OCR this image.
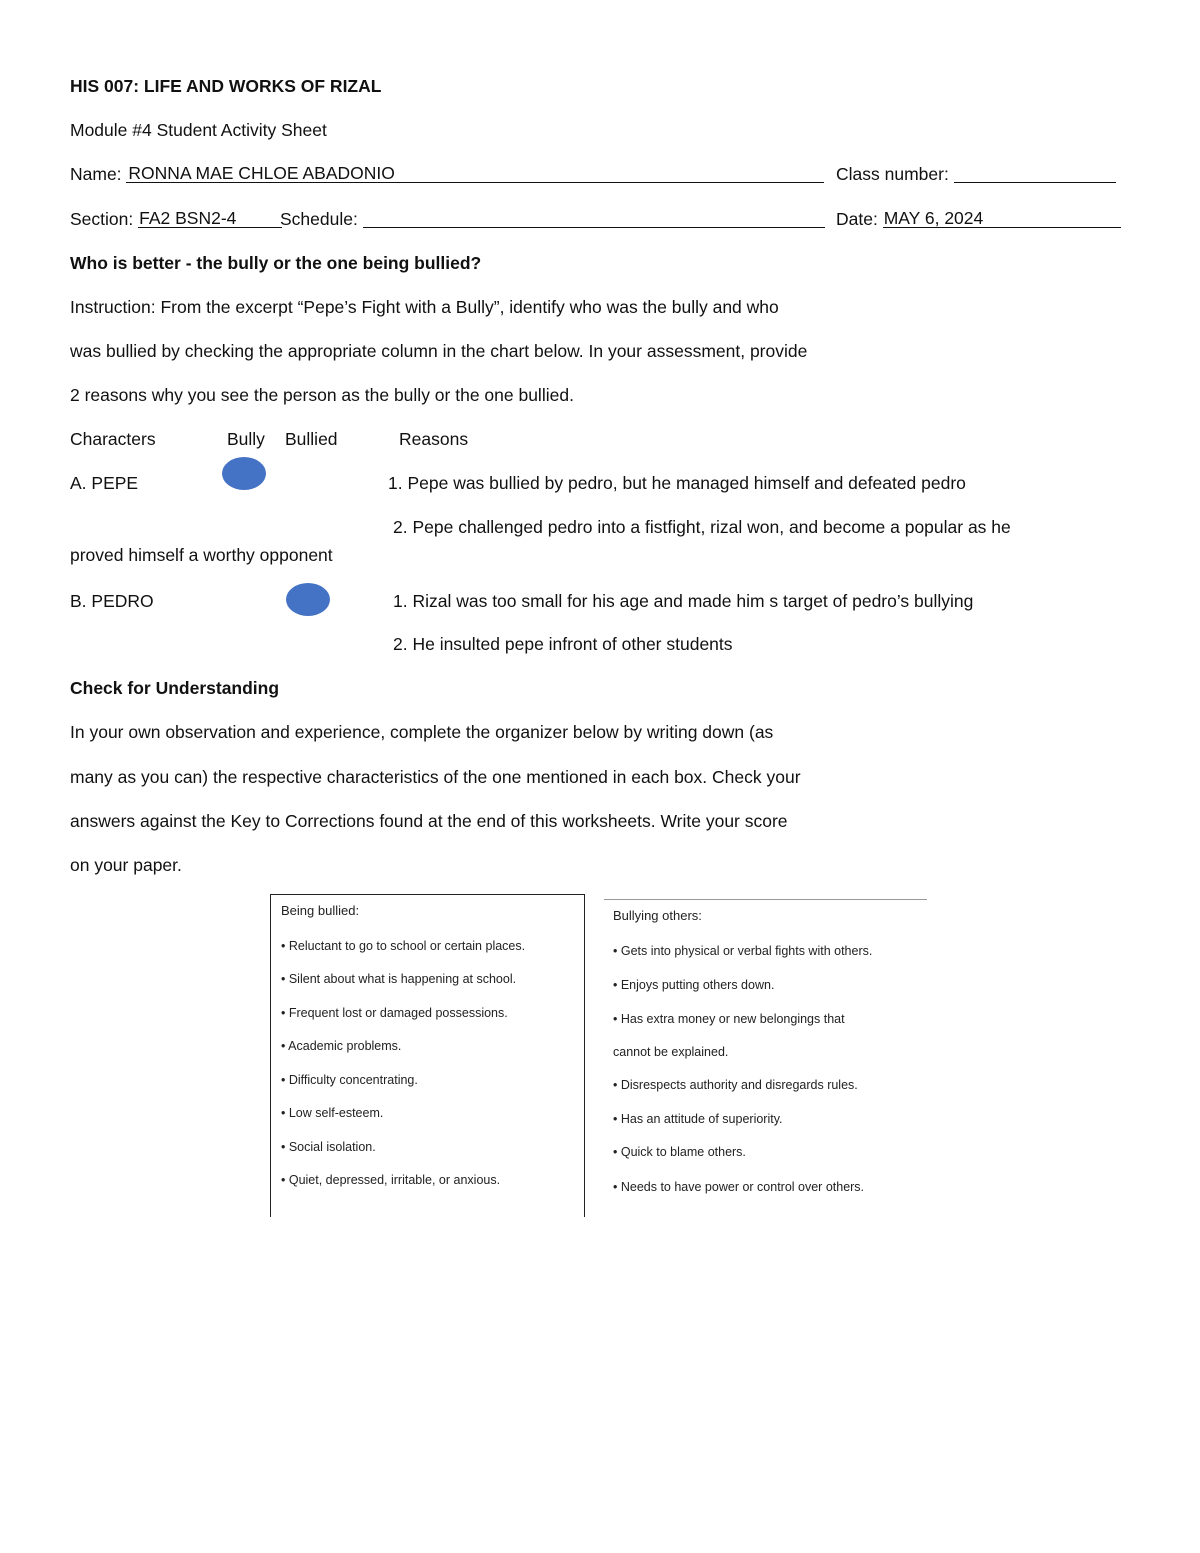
HIS 007: LIFE AND WORKS OF RIZAL
Module #4 Student Activity Sheet
Name: RONNA MAE CHLOE ABADONIO	Class number:
Section: FA2 BSN2-4 Schedule:	Date: MAY 6, 2024
Who is better - the bully or the one being bullied?
Instruction: From the excerpt “Pepe’s Fight with a Bully”, identify who was the bully and who
was bullied by checking the appropriate column in the chart below. In your assessment, provide
2 reasons why you see the person as the bully or the one bullied.
Characters	Bully Bullied	Reasons
A. PEPE	1. Pepe was bullied by pedro, but he managed himself and defeated pedro
2. Pepe challenged pedro into a fistfight, rizal won, and become a popular as he
proved himself a worthy opponent
B. PEDRO	1. Rizal was too small for his age and made him s target of pedro’s bullying
2. He insulted pepe infront of other students
Check for Understanding
In your own observation and experience, complete the organizer below by writing down (as
many as you can) the respective characteristics of the one mentioned in each box. Check your
answers against the Key to Corrections found at the end of this worksheets. Write your score
on your paper.
Being bullied:
• Reluctant to go to school or certain places.
• Silent about what is happening at school.
• Frequent lost or damaged possessions.
• Academic problems.
• Difficulty concentrating.
• Low self-esteem.
• Social isolation.
• Quiet, depressed, irritable, or anxious.
Bullying others:
• Gets into physical or verbal fights with others.
• Enjoys putting others down.
• Has extra money or new belongings that
cannot be explained.
• Disrespects authority and disregards rules.
• Has an attitude of superiority.
• Quick to blame others.
• Needs to have power or control over others.
